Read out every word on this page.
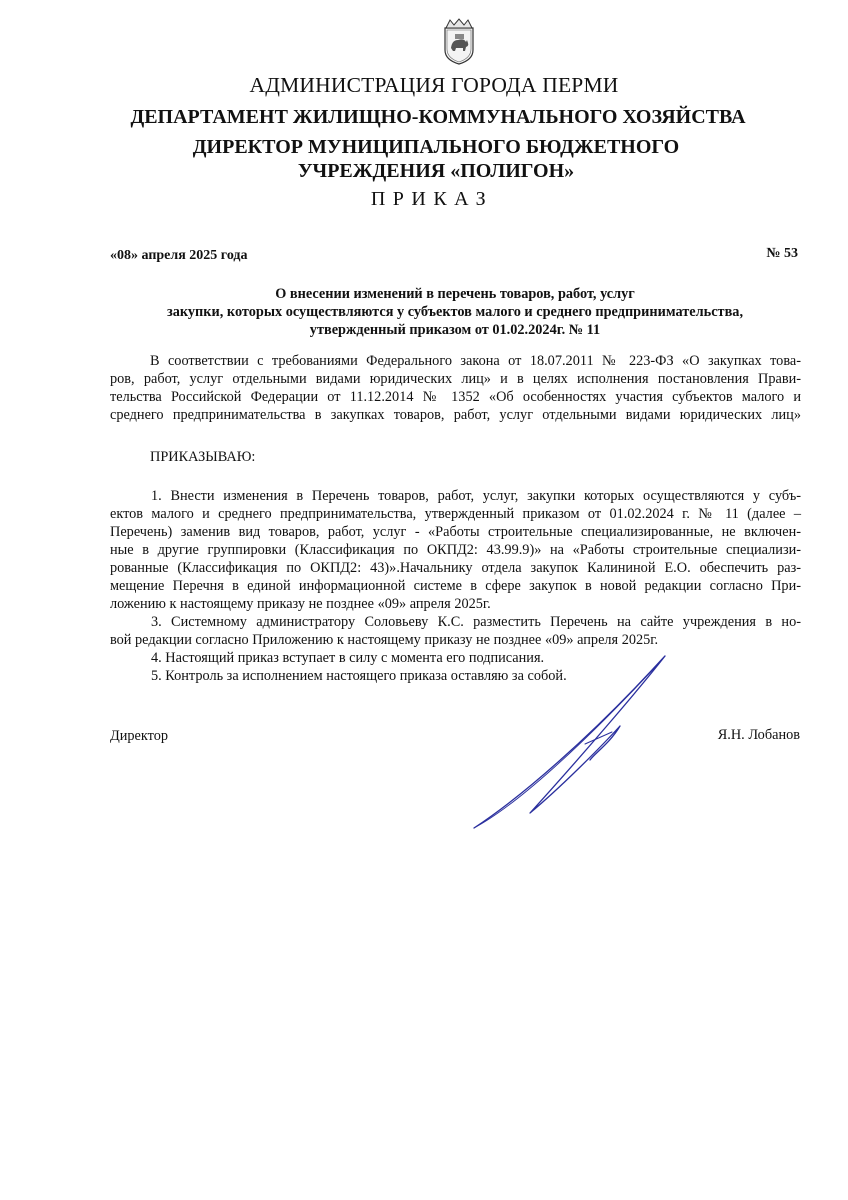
АДМИНИСТРАЦИЯ ГОРОДА ПЕРМИ
ДЕПАРТАМЕНТ ЖИЛИЩНО-КОММУНАЛЬНОГО ХОЗЯЙСТВА
ДИРЕКТОР МУНИЦИПАЛЬНОГО БЮДЖЕТНОГО
УЧРЕЖДЕНИЯ «ПОЛИГОН»
ПРИКАЗ
«08» апреля 2025 года	№ 53
О внесении изменений в перечень товаров, работ, услуг
закупки, которых осуществляются у субъектов малого и среднего предпринимательства,
утвержденный приказом от 01.02.2024г. № 11
В соответствии с требованиями Федерального закона от 18.07.2011 № 223-ФЗ «О закупках това-
ров, работ, услуг отдельными видами юридических лиц» и в целях исполнения постановления Прави-
тельства Российской Федерации от 11.12.2014 № 1352 «Об особенностях участия субъектов малого и
среднего предпринимательства в закупках товаров, работ, услуг отдельными видами юридических лиц»
ПРИКАЗЫВАЮ:
1. Внести изменения в Перечень товаров, работ, услуг, закупки которых осуществляются у субъ-
ектов малого и среднего предпринимательства, утвержденный приказом от 01.02.2024 г. № 11 (далее –
Перечень) заменив вид товаров, работ, услуг - «Работы строительные специализированные, не включен-
ные в другие группировки (Классификация по ОКПД2: 43.99.9)» на «Работы строительные специализи-
рованные (Классификация по ОКПД2: 43)».Начальнику отдела закупок Калининой Е.О. обеспечить раз-
мещение Перечня в единой информационной системе в сфере закупок в новой редакции согласно При-
ложению к настоящему приказу не позднее «09» апреля 2025г.
3. Системному администратору Соловьеву К.С. разместить Перечень на сайте учреждения в но-
вой редакции согласно Приложению к настоящему приказу не позднее «09» апреля 2025г.
4. Настоящий приказ вступает в силу с момента его подписания.
5. Контроль за исполнением настоящего приказа оставляю за собой.
Директор	Я.Н. Лобанов
